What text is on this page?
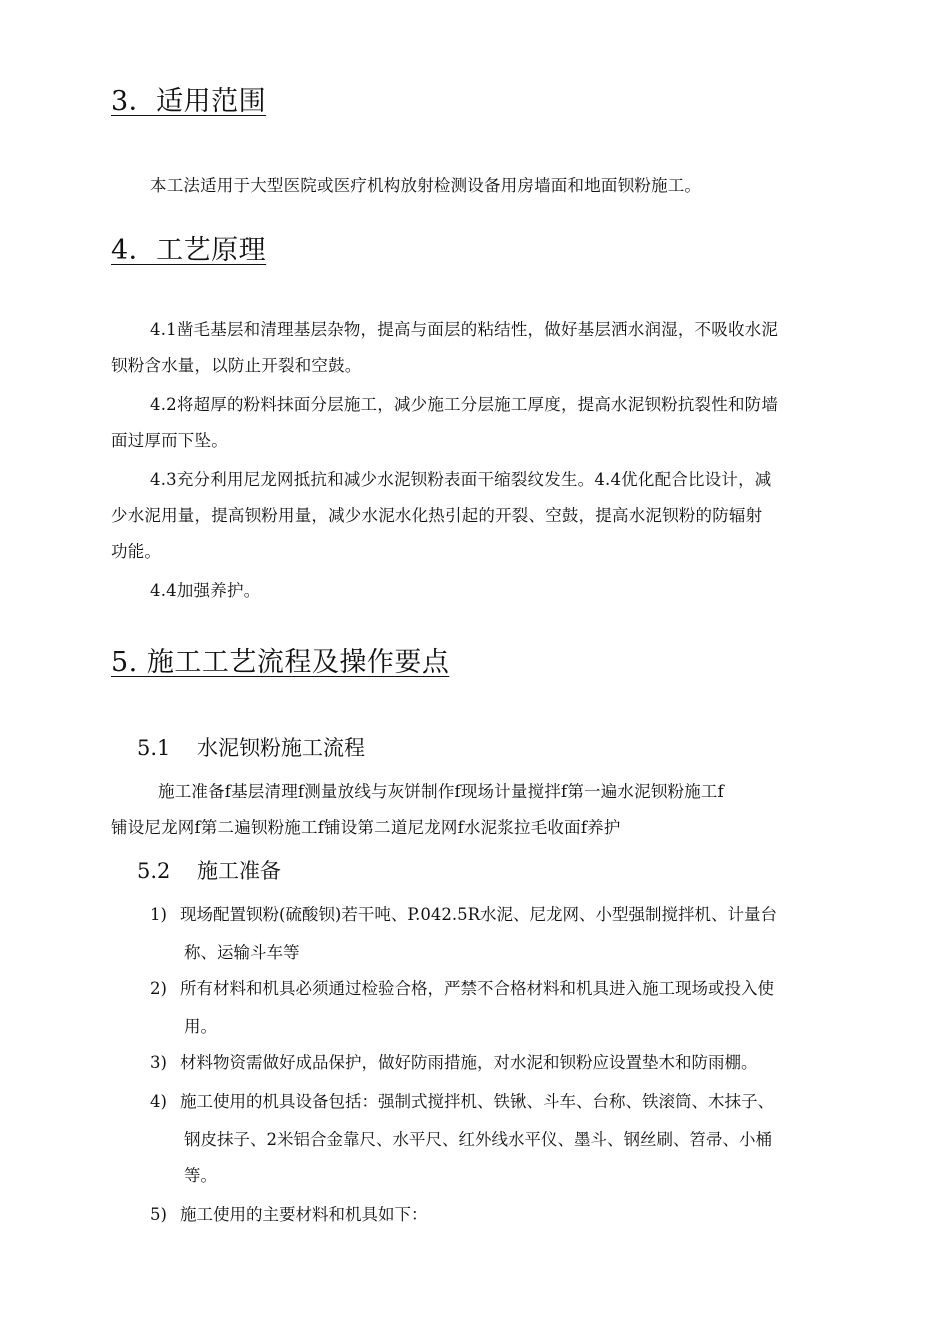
3．适用范围
本工法适用于大型医院或医疗机构放射检测设备用房墙面和地面钡粉施工。
4．工艺原理
4.1凿毛基层和清理基层杂物，提高与面层的粘结性，做好基层洒水润湿，不吸收水泥
钡粉含水量，以防止开裂和空鼓。
4.2将超厚的粉料抹面分层施工，减少施工分层施工厚度，提高水泥钡粉抗裂性和防墙
面过厚而下坠。
4.3充分利用尼龙网抵抗和减少水泥钡粉表面干缩裂纹发生。4.4优化配合比设计，减
少水泥用量，提高钡粉用量，减少水泥水化热引起的开裂、空鼓，提高水泥钡粉的防辐射
功能。
4.4加强养护。
5. 施工工艺流程及操作要点
5.1 水泥钡粉施工流程
施工准备f基层清理f测量放线与灰饼制作f现场计量搅拌f第一遍水泥钡粉施工f
铺设尼龙网f第二遍钡粉施工f铺设第二道尼龙网f水泥浆拉毛收面f养护
5.2 施工准备
1) 现场配置钡粉(硫酸钡)若干吨、P.042.5R水泥、尼龙网、小型强制搅拌机、计量台
称、运输斗车等
2) 所有材料和机具必须通过检验合格，严禁不合格材料和机具进入施工现场或投入使
用。
3) 材料物资需做好成品保护，做好防雨措施，对水泥和钡粉应设置垫木和防雨棚。
4) 施工使用的机具设备包括：强制式搅拌机、铁锹、斗车、台称、铁滚筒、木抹子、
钢皮抹子、2米铝合金靠尺、水平尺、红外线水平仪、墨斗、钢丝刷、笤帚、小桶
等。
5) 施工使用的主要材料和机具如下：
